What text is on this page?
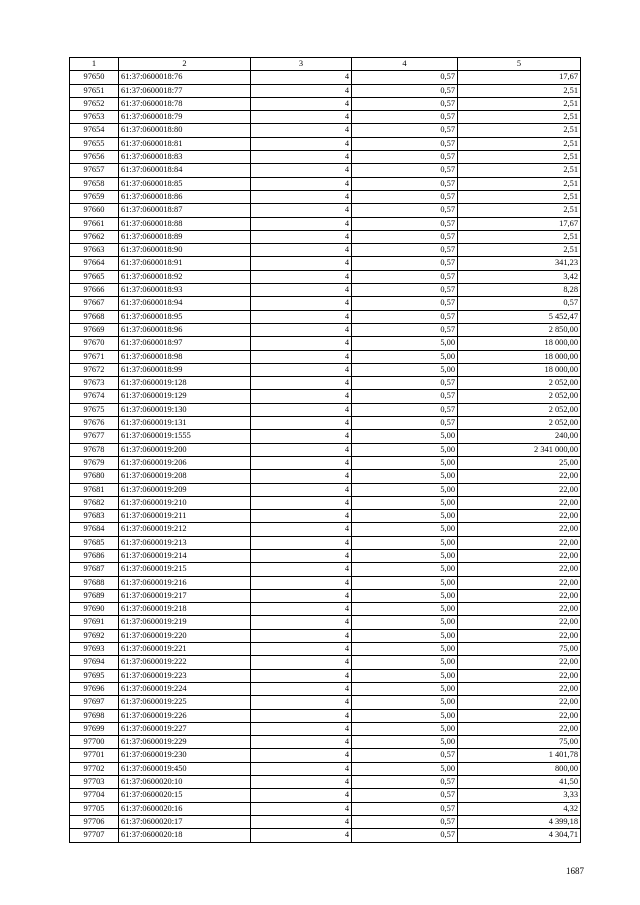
1	2	3	4	5
97650	61:37:0600018:76	4	0,57	17,67
97651	61:37:0600018:77	4	0,57	2,51
97652	61:37:0600018:78	4	0,57	2,51
97653	61:37:0600018:79	4	0,57	2,51
97654	61:37:0600018:80	4	0,57	2,51
97655	61:37:0600018:81	4	0,57	2,51
97656	61:37:0600018:83	4	0,57	2,51
97657	61:37:0600018:84	4	0,57	2,51
97658	61:37:0600018:85	4	0,57	2,51
97659	61:37:0600018:86	4	0,57	2,51
97660	61:37:0600018:87	4	0,57	2,51
97661	61:37:0600018:88	4	0,57	17,67
97662	61:37:0600018:89	4	0,57	2,51
97663	61:37:0600018:90	4	0,57	2,51
97664	61:37:0600018:91	4	0,57	341,23
97665	61:37:0600018:92	4	0,57	3,42
97666	61:37:0600018:93	4	0,57	8,28
97667	61:37:0600018:94	4	0,57	0,57
97668	61:37:0600018:95	4	0,57	5 452,47
97669	61:37:0600018:96	4	0,57	2 850,00
97670	61:37:0600018:97	4	5,00	18 000,00
97671	61:37:0600018:98	4	5,00	18 000,00
97672	61:37:0600018:99	4	5,00	18 000,00
97673	61:37:0600019:128	4	0,57	2 052,00
97674	61:37:0600019:129	4	0,57	2 052,00
97675	61:37:0600019:130	4	0,57	2 052,00
97676	61:37:0600019:131	4	0,57	2 052,00
97677	61:37:0600019:1555	4	5,00	240,00
97678	61:37:0600019:200	4	5,00	2 341 000,00
97679	61:37:0600019:206	4	5,00	25,00
97680	61:37:0600019:208	4	5,00	22,00
97681	61:37:0600019:209	4	5,00	22,00
97682	61:37:0600019:210	4	5,00	22,00
97683	61:37:0600019:211	4	5,00	22,00
97684	61:37:0600019:212	4	5,00	22,00
97685	61:37:0600019:213	4	5,00	22,00
97686	61:37:0600019:214	4	5,00	22,00
97687	61:37:0600019:215	4	5,00	22,00
97688	61:37:0600019:216	4	5,00	22,00
97689	61:37:0600019:217	4	5,00	22,00
97690	61:37:0600019:218	4	5,00	22,00
97691	61:37:0600019:219	4	5,00	22,00
97692	61:37:0600019:220	4	5,00	22,00
97693	61:37:0600019:221	4	5,00	75,00
97694	61:37:0600019:222	4	5,00	22,00
97695	61:37:0600019:223	4	5,00	22,00
97696	61:37:0600019:224	4	5,00	22,00
97697	61:37:0600019:225	4	5,00	22,00
97698	61:37:0600019:226	4	5,00	22,00
97699	61:37:0600019:227	4	5,00	22,00
97700	61:37:0600019:229	4	5,00	75,00
97701	61:37:0600019:230	4	0,57	1 401,78
97702	61:37:0600019:450	4	5,00	800,00
97703	61:37:0600020:10	4	0,57	41,50
97704	61:37:0600020:15	4	0,57	3,33
97705	61:37:0600020:16	4	0,57	4,32
97706	61:37:0600020:17	4	0,57	4 399,18
97707	61:37:0600020:18	4	0,57	4 304,71
1687
